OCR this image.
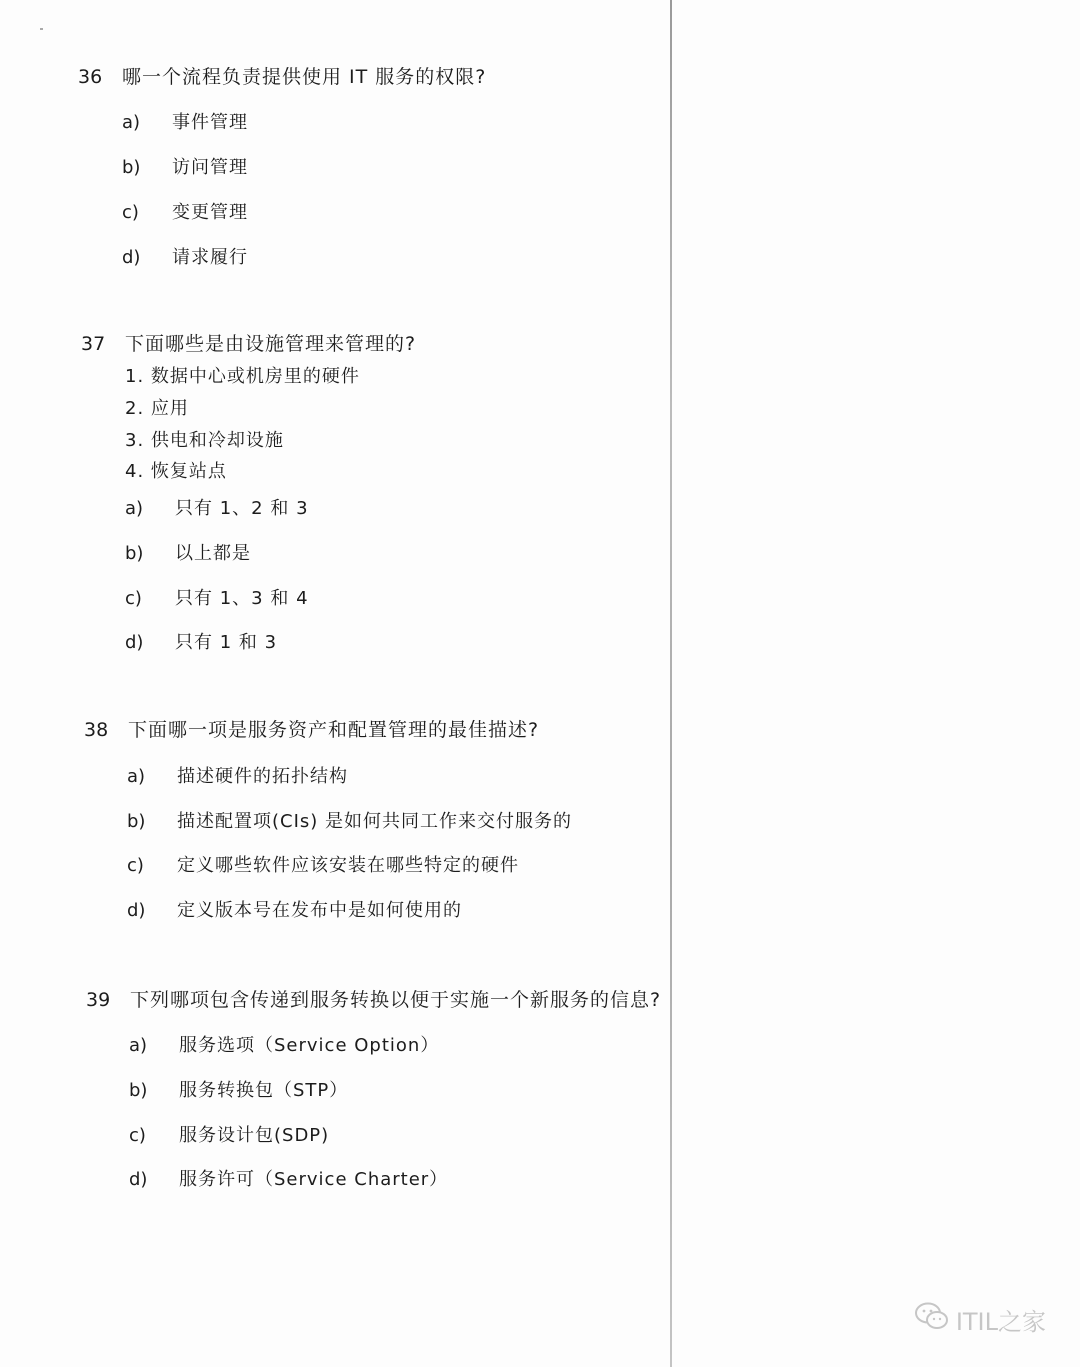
36	哪一个流程负责提供使用 IT 服务的权限?
a)	事件管理
b)	访问管理
c)	变更管理
d)	请求履行
37	下面哪些是由设施管理来管理的?
1. 数据中心或机房里的硬件
2. 应用
3. 供电和冷却设施
4. 恢复站点
a)	只有 1、2 和 3
b)	以上都是
c)	只有 1、3 和 4
d)	只有 1 和 3
38	下面哪一项是服务资产和配置管理的最佳描述?
a)	描述硬件的拓扑结构
b)	描述配置项(CIs) 是如何共同工作来交付服务的
c)	定义哪些软件应该安装在哪些特定的硬件
d)	定义版本号在发布中是如何使用的
39	下列哪项包含传递到服务转换以便于实施一个新服务的信息?
a)	服务选项（Service Option）
b)	服务转换包（STP）
c)	服务设计包(SDP)
d)	服务许可（Service Charter）
ITIL之家
